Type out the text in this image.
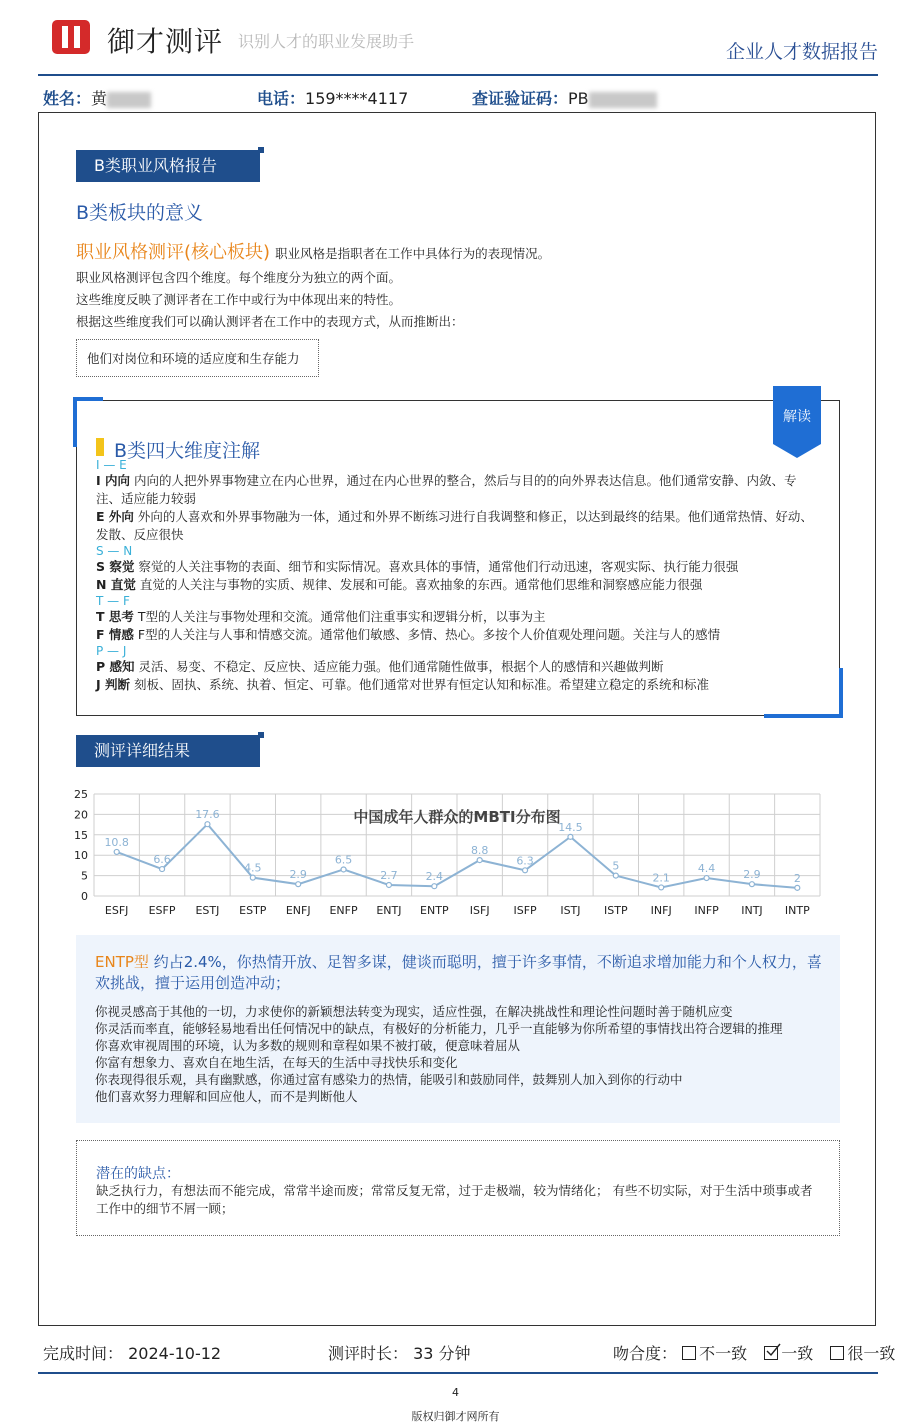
御才测评 识别人才的职业发展助手	企业人才数据报告
姓名：黄	电话：159****4117	查证验证码：PB
B类职业风格报告
B类板块的意义
职业风格测评(核心板块) 职业风格是指职者在工作中具体行为的表现情况。
职业风格测评包含四个维度。每个维度分为独立的两个面。
这些维度反映了测评者在工作中或行为中体现出来的特性。
根据这些维度我们可以确认测评者在工作中的表现方式，从而推断出：
他们对岗位和环境的适应度和生存能力
解读
B类四大维度注解
I — E
I 内向 内向的人把外界事物建立在内心世界，通过在内心世界的整合，然后与目的的向外界表达信息。他们通常安静、内敛、专注、适应能力较弱
E 外向 外向的人喜欢和外界事物融为一体，通过和外界不断练习进行自我调整和修正，以达到最终的结果。他们通常热情、好动、发散、反应很快
S — N
S 察觉 察觉的人关注事物的表面、细节和实际情况。喜欢具体的事情，通常他们行动迅速，客观实际、执行能力很强
N 直觉 直觉的人关注与事物的实质、规律、发展和可能。喜欢抽象的东西。通常他们思维和洞察感应能力很强
T — F
T 思考 T型的人关注与事物处理和交流。通常他们注重事实和逻辑分析，以事为主
F 情感 F型的人关注与人事和情感交流。通常他们敏感、多情、热心。多按个人价值观处理问题。关注与人的感情
P — J
P 感知 灵活、易变、不稳定、反应快、适应能力强。他们通常随性做事，根据个人的感情和兴趣做判断
J 判断 刻板、固执、系统、执着、恒定、可靠。他们通常对世界有恒定认知和标准。希望建立稳定的系统和标准
测评详细结果
0
5
10
15
20
25
ESFJ ESFP ESTJ ESTP ENFJ ENFP ENTJ ENTP ISFJ ISFP ISTJ ISTP INFJ INFP INTJ INTP
10.8
6.6
17.6
4.5
2.9
6.5
2.7	2.4
8.8
6.3
14.5
5
2.1
4.4	2.9	2
中国成年人群众的MBTI分布图
ENTP型 约占2.4%，你热情开放、足智多谋，健谈而聪明，擅于许多事情，不断追求增加能力和个人权力，喜欢挑战，擅于运用创造冲动；
你视灵感高于其他的一切，力求使你的新颖想法转变为现实，适应性强，在解决挑战性和理论性问题时善于随机应变
你灵活而率直，能够轻易地看出任何情况中的缺点，有极好的分析能力，几乎一直能够为你所希望的事情找出符合逻辑的推理
你喜欢审视周围的环境，认为多数的规则和章程如果不被打破，便意味着屈从
你富有想象力、喜欢自在地生活，在每天的生活中寻找快乐和变化
你表现得很乐观，具有幽默感，你通过富有感染力的热情，能吸引和鼓励同伴，鼓舞别人加入到你的行动中
他们喜欢努力理解和回应他人，而不是判断他人
潜在的缺点：
缺乏执行力，有想法而不能完成，常常半途而废；常常反复无常，过于走极端，较为情绪化； 有些不切实际，对于生活中琐事或者工作中的细节不屑一顾；
完成时间： 2024-10-12	测评时长： 33 分钟	吻合度： 不一致 一致 很一致
4
版权归御才网所有
